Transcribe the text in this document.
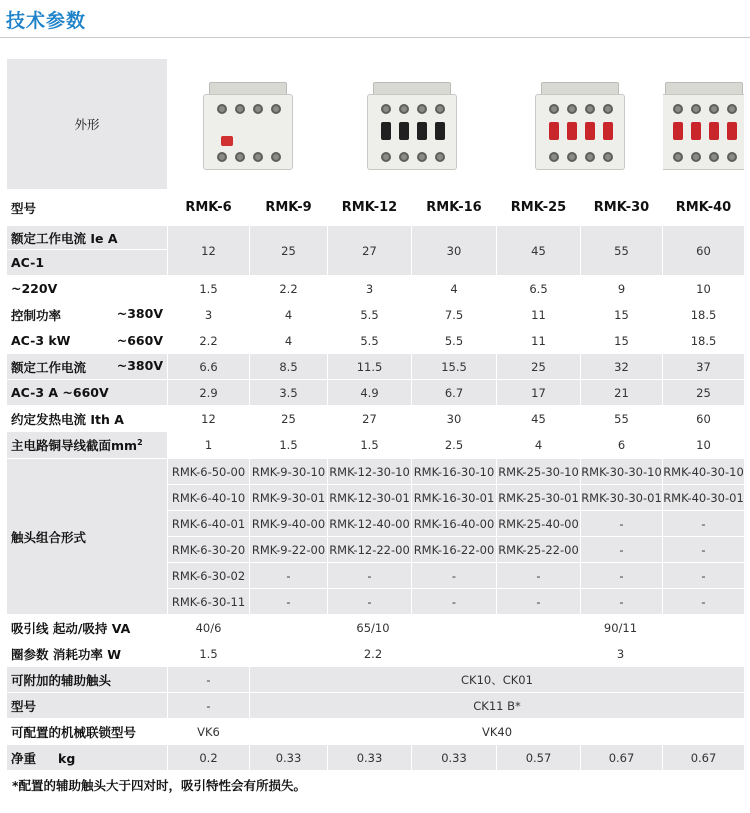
技术参数
外形				

型号	RMK-6	RMK-9	RMK-12	RMK-16	RMK-25	RMK-30	RMK-40
额定工作电流 Ie A	12	25	27	30	45	55	60
AC-1							
~220V	1.5	2.2	3	4	6.5	9	10
控制功率 ~380V	3	4	5.5	7.5	11	15	18.5
AC-3 kW ~660V	2.2	4	5.5	5.5	11	15	18.5
额定工作电流 ~380V	6.6	8.5	11.5	15.5	25	32	37
AC-3 A ~660V	2.9	3.5	4.9	6.7	17	21	25
约定发热电流 Ith A	12	25	27	30	45	55	60
主电路铜导线截面$mm^2$	1	1.5	1.5	2.5	4	6	10
触头组合形式	RMK-6-50-00	RMK-9-30-10	RMK-12-30-10	RMK-16-30-10	RMK-25-30-10	RMK-30-30-10	RMK-40-30-10
	RMK-6-40-10	RMK-9-30-01	RMK-12-30-01	RMK-16-30-01	RMK-25-30-01	RMK-30-30-01	RMK-40-30-01
	RMK-6-40-01	RMK-9-40-00	RMK-12-40-00	RMK-16-40-00	RMK-25-40-00	-	-
	RMK-6-30-20	RMK-9-22-00	RMK-12-22-00	RMK-16-22-00	RMK-25-22-00	-	-
	RMK-6-30-02	-	-	-	-	-	-
	RMK-6-30-11	-	-	-	-	-	-
吸引线 起动/吸持 VA	40/6	65/10			90/11		
圈参数 消耗功率 W	1.5	2.2			3		
可附加的辅助触头	-	CK10、CK01					
型号	-	CK11 B*					
可配置的机械联锁型号	VK6	VK40					
净重 kg	0.2	0.33	0.33	0.33	0.57	0.67	0.67
*配置的辅助触头大于四对时，吸引特性会有所损失。
